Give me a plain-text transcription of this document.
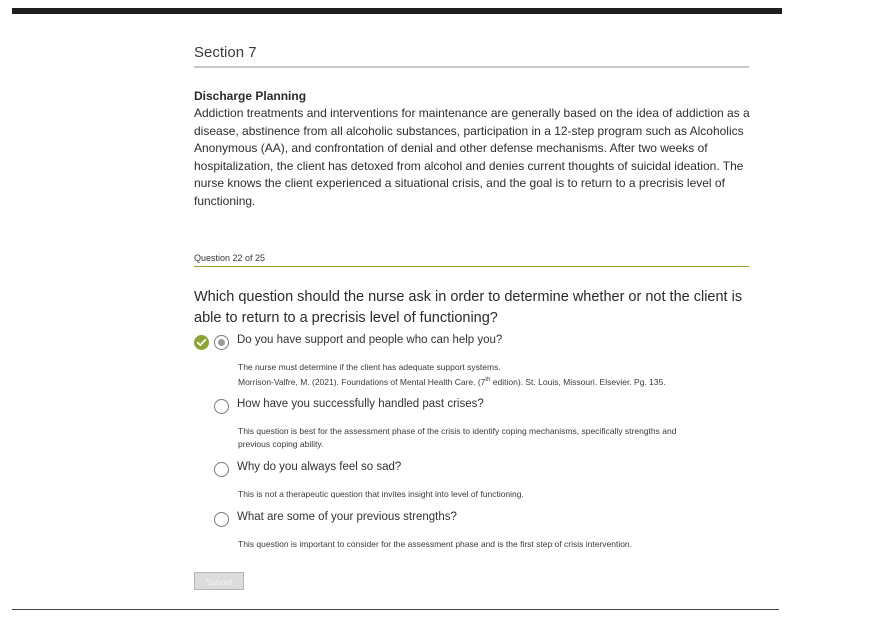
Section 7
Discharge Planning
Addiction treatments and interventions for maintenance are generally based on the idea of addiction as a
disease, abstinence from all alcoholic substances, participation in a 12-step program such as Alcoholics
Anonymous (AA), and confrontation of denial and other defense mechanisms. After two weeks of
hospitalization, the client has detoxed from alcohol and denies current thoughts of suicidal ideation. The
nurse knows the client experienced a situational crisis, and the goal is to return to a precrisis level of
functioning.
Question 22 of 25
Which question should the nurse ask in order to determine whether or not the client is
able to return to a precrisis level of functioning?
Do you have support and people who can help you?
The nurse must determine if the client has adequate support systems.
Morrison-Valfre, M. (2021). Foundations of Mental Health Care. (7th edition). St. Louis, Missouri. Elsevier. Pg. 135.
How have you successfully handled past crises?
This question is best for the assessment phase of the crisis to identify coping mechanisms, specifically strengths and
previous coping ability.
Why do you always feel so sad?
This is not a therapeutic question that invites insight into level of functioning.
What are some of your previous strengths?
This question is important to consider for the assessment phase and is the first step of crisis intervention.
Submit
